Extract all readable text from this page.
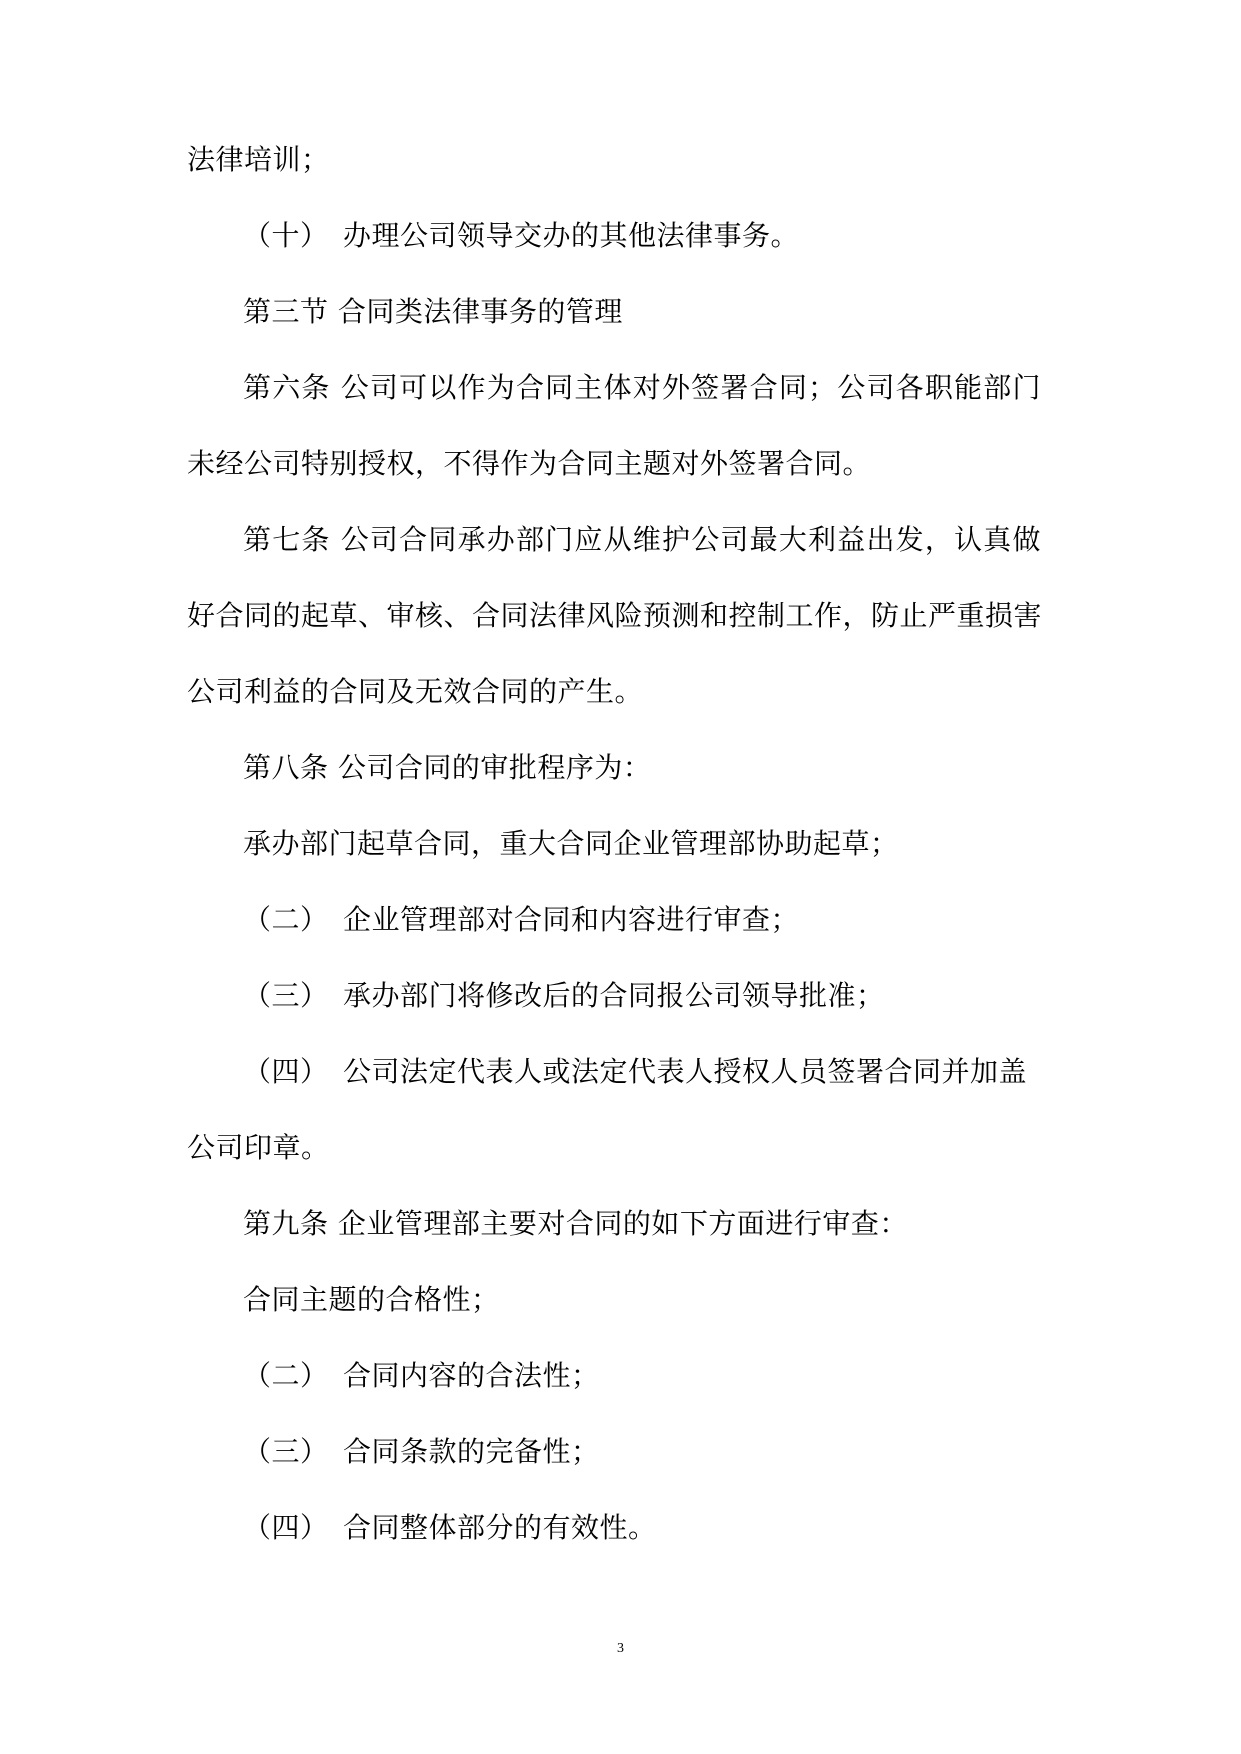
法律培训；
（十） 办理公司领导交办的其他法律事务。
第三节 合同类法律事务的管理
第六条 公司可以作为合同主体对外签署合同；公司各职能部门
未经公司特别授权，不得作为合同主题对外签署合同。
第七条 公司合同承办部门应从维护公司最大利益出发，认真做
好合同的起草、审核、合同法律风险预测和控制工作，防止严重损害
公司利益的合同及无效合同的产生。
第八条 公司合同的审批程序为：
承办部门起草合同，重大合同企业管理部协助起草；
（二） 企业管理部对合同和内容进行审查；
（三） 承办部门将修改后的合同报公司领导批准；
（四） 公司法定代表人或法定代表人授权人员签署合同并加盖
公司印章。
第九条 企业管理部主要对合同的如下方面进行审查：
合同主题的合格性；
（二） 合同内容的合法性；
（三） 合同条款的完备性；
（四） 合同整体部分的有效性。
3
